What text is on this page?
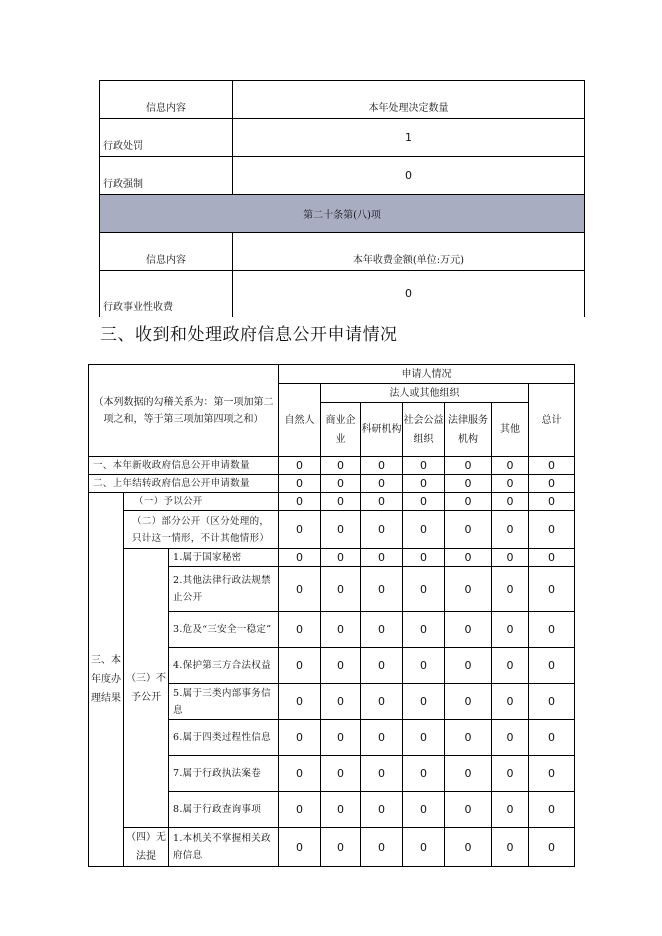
信息内容	本年处理决定数量
行政处罚	1
行政强制	0
第二十条第(八)项	
信息内容	本年收费金额(单位:万元)
行政事业性收费	0
三、收到和处理政府信息公开申请情况
（本列数据的勾稽关系为：第一项加第二项之和，等于第三项加第四项之和）			申请人情况						
			自然人	法人或其他组织					总计
				商业企业	科研机构	社会公益组织	法律服务机构	其他	
一、本年新收政府信息公开申请数量			0	0	0	0	0	0	0
二、上年结转政府信息公开申请数量			0	0	0	0	0	0	0
三、本年度办理结果	（一）予以公开		0	0	0	0	0	0	0
	（二）部分公开（区分处理的，只计这一情形，不计其他情形）		0	0	0	0	0	0	0
	（三）不予公开	1.属于国家秘密	0	0	0	0	0	0	0
		2.其他法律行政法规禁止公开	0	0	0	0	0	0	0
		3.危及“三安全一稳定”	0	0	0	0	0	0	0
		4.保护第三方合法权益	0	0	0	0	0	0	0
		5.属于三类内部事务信息	0	0	0	0	0	0	0
		6.属于四类过程性信息	0	0	0	0	0	0	0
		7.属于行政执法案卷	0	0	0	0	0	0	0
		8.属于行政查询事项	0	0	0	0	0	0	0
	（四）无法提	1.本机关不掌握相关政府信息	0	0	0	0	0	0	0
